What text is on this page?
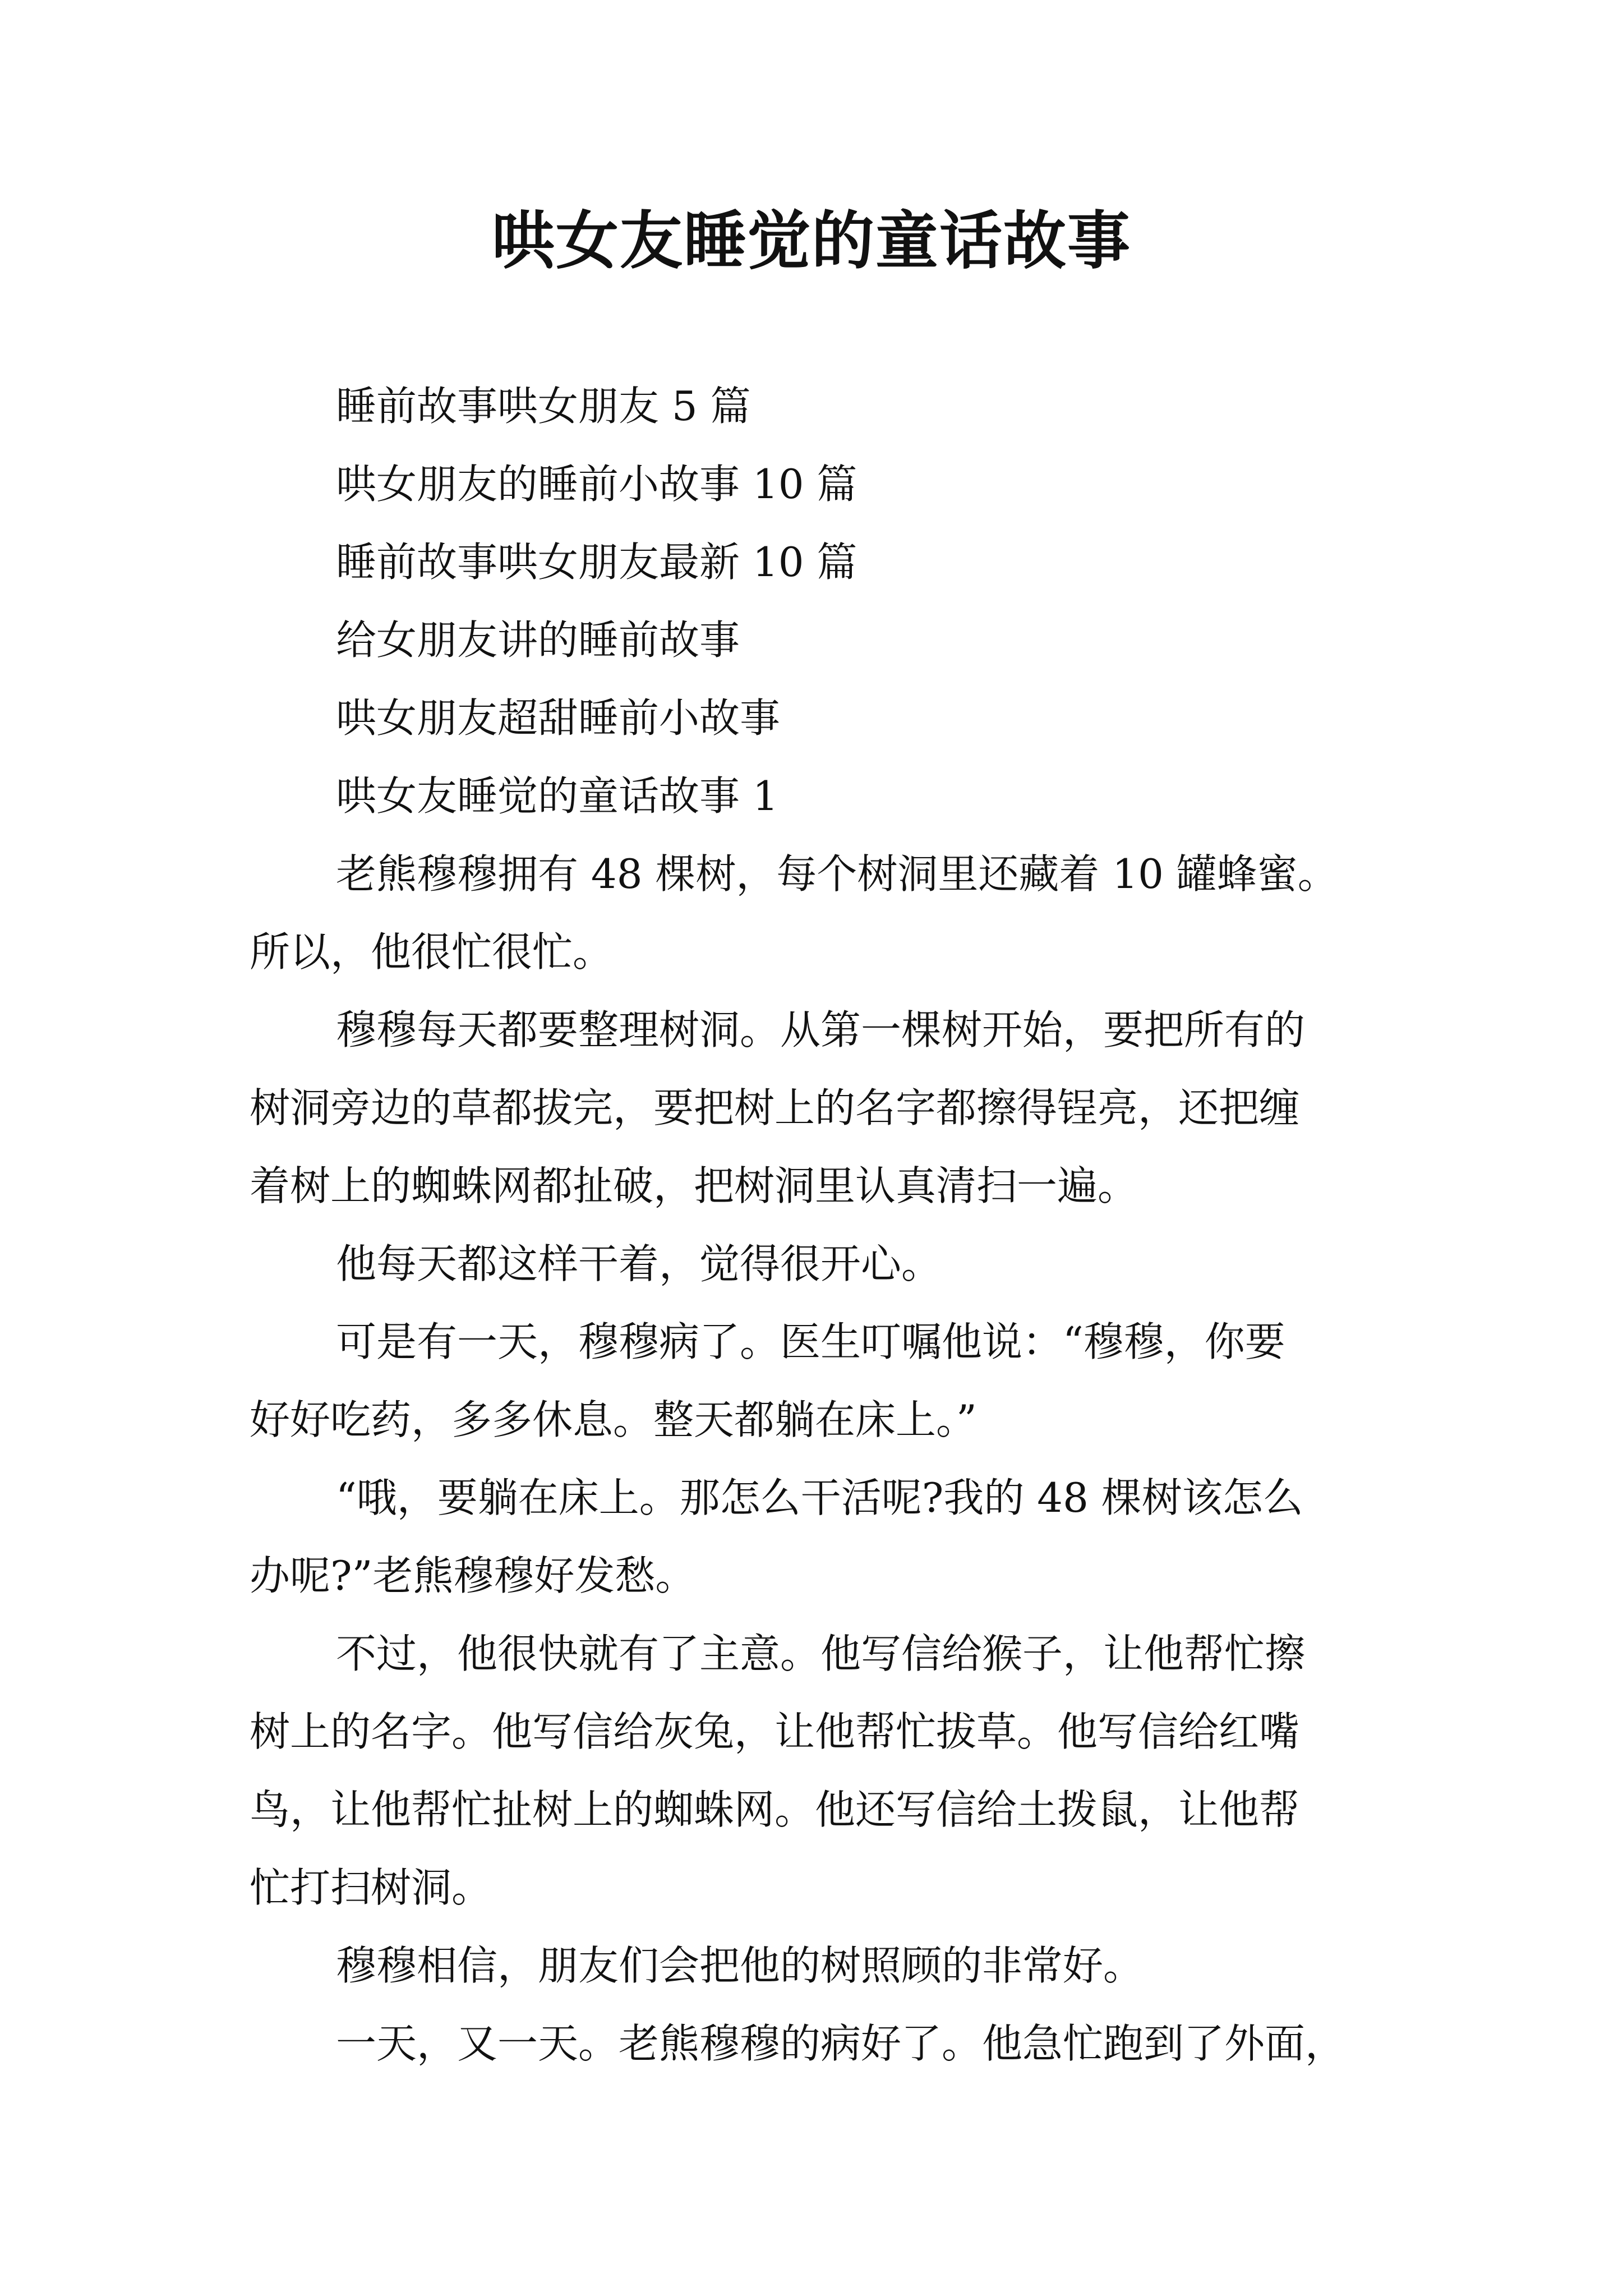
哄女友睡觉的童话故事
睡前故事哄女朋友 5 篇
哄女朋友的睡前小故事 10 篇
睡前故事哄女朋友最新 10 篇
给女朋友讲的睡前故事
哄女朋友超甜睡前小故事
哄女友睡觉的童话故事 1
老熊穆穆拥有 48 棵树，每个树洞里还藏着 10 罐蜂蜜。
所以，他很忙很忙。
穆穆每天都要整理树洞。从第一棵树开始，要把所有的
树洞旁边的草都拔完，要把树上的名字都擦得锃亮，还把缠
着树上的蜘蛛网都扯破，把树洞里认真清扫一遍。
他每天都这样干着，觉得很开心。
可是有一天，穆穆病了。医生叮嘱他说：“穆穆，你要
好好吃药，多多休息。整天都躺在床上。”
“哦，要躺在床上。那怎么干活呢?我的 48 棵树该怎么
办呢?”老熊穆穆好发愁。
不过，他很快就有了主意。他写信给猴子，让他帮忙擦
树上的名字。他写信给灰兔，让他帮忙拔草。他写信给红嘴
鸟，让他帮忙扯树上的蜘蛛网。他还写信给土拨鼠，让他帮
忙打扫树洞。
穆穆相信，朋友们会把他的树照顾的非常好。
一天，又一天。老熊穆穆的病好了。他急忙跑到了外面，
